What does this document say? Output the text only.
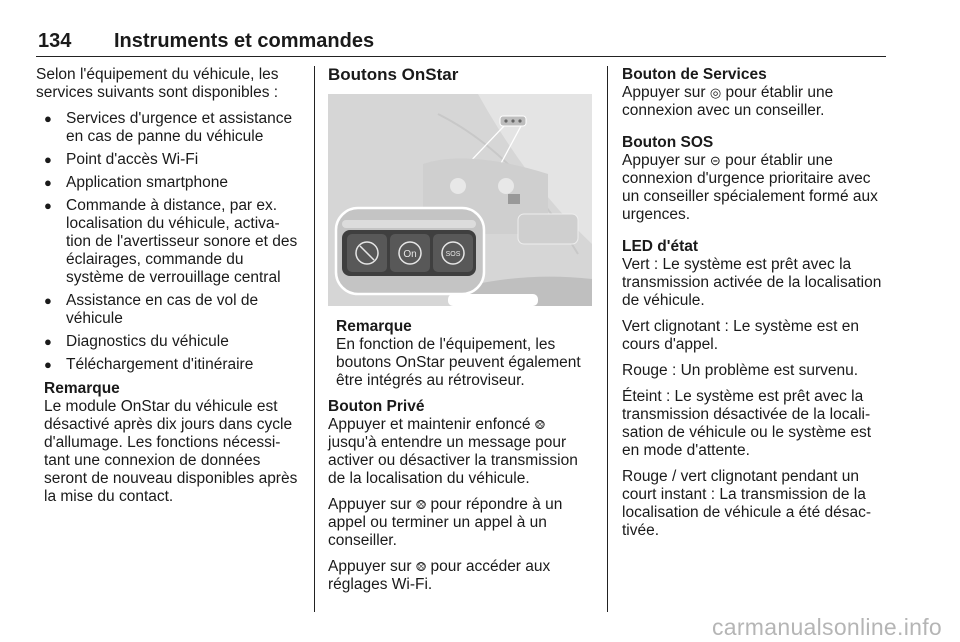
134 Instruments et commandes

Selon l'équipement du véhicule, les services suivants sont disponibles :

● Services d'urgence et assistance en cas de panne du véhicule
● Point d'accès Wi-Fi
● Application smartphone
● Commande à distance, par ex. localisation du véhicule, activa-tion de l'avertisseur sonore et des éclairages, commande du système de verrouillage central
● Assistance en cas de vol de véhicule
● Diagnostics du véhicule
● Téléchargement d'itinéraire
Remarque
Le module OnStar du véhicule est désactivé après dix jours dans cycle d'allumage. Les fonctions nécessi-tant une connexion de données seront de nouveau disponibles après la mise du contact.
Boutons OnStar
On	SOS
Remarque

En fonction de l'équipement, les boutons OnStar peuvent également être intégrés au rétroviseur.

Bouton Privé

Appuyer et maintenir enfoncé ⨷ jusqu'à entendre un message pour activer ou désactiver la transmission de la localisation du véhicule.

Appuyer sur ⨷ pour répondre à un appel ou terminer un appel à un conseiller.

Appuyer sur ⨷ pour accéder aux réglages Wi-Fi.

Bouton de Services

Appuyer sur ◎ pour établir une connexion avec un conseiller.

Bouton SOS

Appuyer sur ⊝ pour établir une connexion d'urgence prioritaire avec un conseiller spécialement formé aux urgences.

LED d'état

Vert : Le système est prêt avec la transmission activée de la localisation de véhicule.

Vert clignotant : Le système est en cours d'appel.

Rouge : Un problème est survenu.

Éteint : Le système est prêt avec la transmission désactivée de la locali-sation de véhicule ou le système est en mode d'attente.

Rouge / vert clignotant pendant un court instant : La transmission de la localisation de véhicule a été désac-tivée.

carmanualsonline.info
